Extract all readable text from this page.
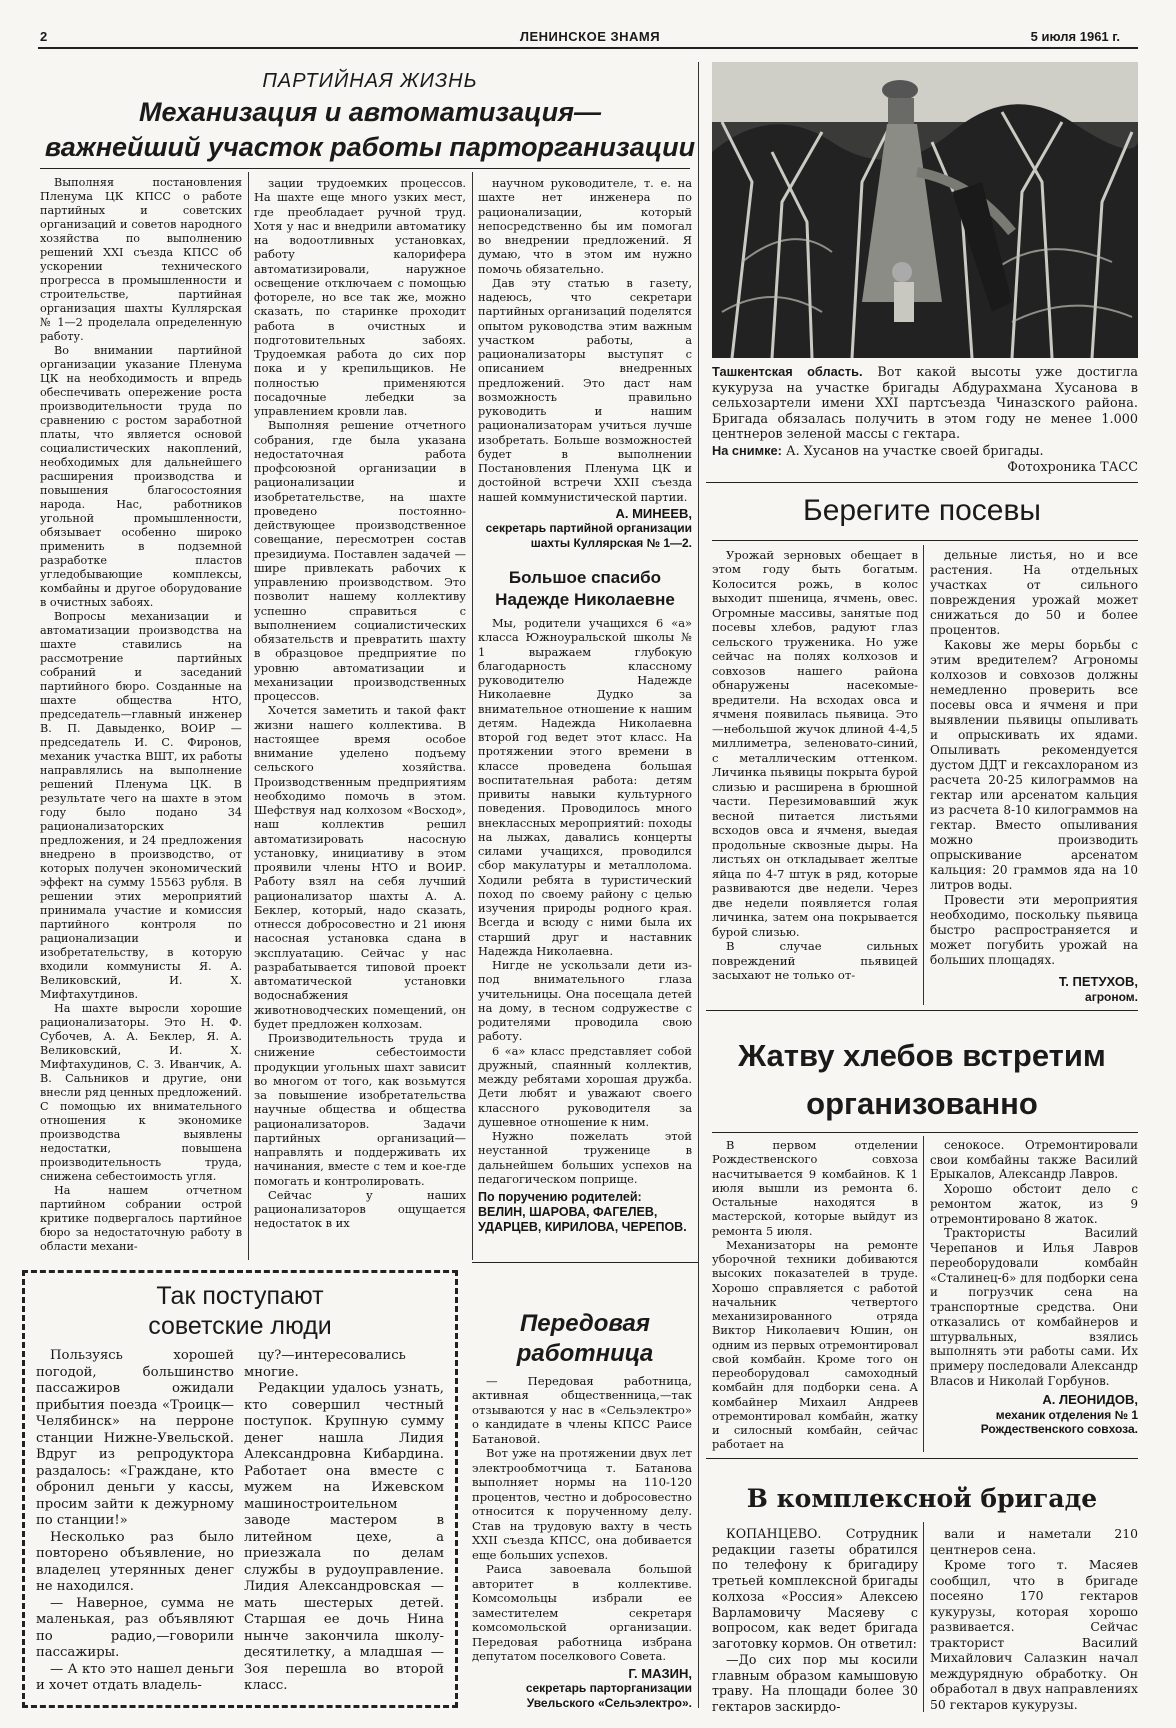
2	ЛЕНИНСКОЕ ЗНАМЯ	5 июля 1961 г.
ПАРТИЙНАЯ ЖИЗНЬ
Механизация и автоматизация—
важнейший участок работы парторганизации

Выполняя постановления Пленума ЦК КПСС о работе партийных и советских организаций и советов народного хозяйства по выполнению решений XXI съезда КПСС об ускорении технического прогресса в промышленности и строительстве, партийная организация шахты Куллярская № 1—2 проделала определенную работу.

Во внимании партийной организации указание Пленума ЦК на необходимость и впредь обеспечивать опережение роста производительности труда по сравнению с ростом заработной платы, что является основой социалистических накоплений, необходимых для дальнейшего расширения производства и повышения благосостояния народа. Нас, работников угольной промышленности, обязывает особенно широко применить в подземной разработке пластов угледобывающие комплексы, комбайны и другое оборудование в очистных забоях.

Вопросы механизации и автоматизации производства на шахте ставились на рассмотрение партийных собраний и заседаний партийного бюро. Созданные на шахте общества НТО, председатель—главный инженер В. П. Давыденко, ВОИР —председатель И. С. Фиронов, механик участка ВШТ, их работы направлялись на выполнение решений Пленума ЦК. В результате чего на шахте в этом году было подано 34 рационализаторских предложения, и 24 предложения внедрено в производство, от которых получен экономический эффект на сумму 15563 рубля. В решении этих мероприятий принимала участие и комиссия партийного контроля по рационализации и изобретательству, в которую входили коммунисты Я. А. Великовский, И. Х. Мифтахутдинов.

На шахте выросли хорошие рационализаторы. Это Н. Ф. Субочев, А. А. Беклер, Я. А. Великовский, И. Х. Мифтахудинов, С. З. Иванчик, А. В. Сальников и другие, они внесли ряд ценных предложений. С помощью их внимательного отношения к экономике производства выявлены недостатки, повышена производительность труда, снижена себестоимость угля.

На нашем отчетном партийном собрании острой критике подвергалось партийное бюро за недостаточную работу в области механи-

зации трудоемких процессов. На шахте еще много узких мест, где преобладает ручной труд. Хотя у нас и внедрили автоматику на водоотливных установках, работу калорифера автоматизировали, наружное освещение отключаем с помощью фотореле, но все так же, можно сказать, по старинке проходит работа в очистных и подготовительных забоях. Трудоемкая работа до сих пор пока и у крепильщиков. Не полностью применяются посадочные лебедки за управлением кровли лав.

Выполняя решение отчетного собрания, где была указана недостаточная работа профсоюзной организации в рационализации и изобретательстве, на шахте проведено постоянно-действующее производственное совещание, пересмотрен состав президиума. Поставлен задачей — шире привлекать рабочих к управлению производством. Это позволит нашему коллективу успешно справиться с выполнением социалистических обязательств и превратить шахту в образцовое предприятие по уровню автоматизации и механизации производственных процессов.

Хочется заметить и такой факт жизни нашего коллектива. В настоящее время особое внимание уделено подъему сельского хозяйства. Производственным предприятиям необходимо помочь в этом. Шефствуя над колхозом «Восход», наш коллектив решил автоматизировать насосную установку, инициативу в этом проявили члены НТО и ВОИР. Работу взял на себя лучший рационализатор шахты А. А. Беклер, который, надо сказать, отнесся добросовестно и 21 июня насосная установка сдана в эксплуатацию. Сейчас у нас разрабатывается типовой проект автоматической установки водоснабжения животноводческих помещений, он будет предложен колхозам.

Производительность труда и снижение себестоимости продукции угольных шахт зависит во многом от того, как возьмутся за повышение изобретательства научные общества и общества рационализаторов. Задачи партийных организаций—направлять и поддерживать их начинания, вместе с тем и кое-где помогать и контролировать.

Сейчас у наших рационализаторов ощущается недостаток в их

научном руководителе, т. е. на шахте нет инженера по рационализации, который непосредственно бы им помогал во внедрении предложений. Я думаю, что в этом им нужно помочь обязательно.

Дав эту статью в газету, надеюсь, что секретари партийных организаций поделятся опытом руководства этим важным участком работы, а рационализаторы выступят с описанием внедренных предложений. Это даст нам возможность правильно руководить и нашим рационализаторам учиться лучше изобретать. Больше возможностей будет в выполнении Постановления Пленума ЦК и достойной встречи XXII съезда нашей коммунистической партии.

А. МИНЕЕВ,
секретарь партийной организации шахты Куллярская № 1—2.
Большое спасибо
Надежде Николаевне

Мы, родители учащихся 6 «а» класса Южноуральской школы № 1 выражаем глубокую благодарность классному руководителю Надежде Николаевне Дудко за внимательное отношение к нашим детям. Надежда Николаевна второй год ведет этот класс. На протяжении этого времени в классе проведена большая воспитательная работа: детям привиты навыки культурного поведения. Проводилось много внеклассных мероприятий: походы на лыжах, давались концерты силами учащихся, проводился сбор макулатуры и металлолома. Ходили ребята в туристический поход по своему району с целью изучения природы родного края. Всегда и всюду с ними была их старший друг и наставник Надежда Николаевна.

Нигде не ускользали дети из-под внимательного глаза учительницы. Она посещала детей на дому, в тесном содружестве с родителями проводила свою работу.

6 «а» класс представляет собой дружный, спаянный коллектив, между ребятами хорошая дружба. Дети любят и уважают своего классного руководителя за душевное отношение к ним.

Нужно пожелать этой неустанной труженице в дальнейшем больших успехов на педагогическом поприще.

По поручению родителей: ВЕЛИН, ШАРОВА, ФАГЕЛЕВ, УДАРЦЕВ, КИРИЛОВА, ЧЕРЕПОВ.
Ташкентская область. Вот какой высоты уже достигла кукуруза на участке бригады Абдурахмана Хусанова в сельхозартели имени XXI партсъезда Чиназского района. Бригада обязалась получить в этом году не менее 1.000 центнеров зеленой массы с гектара.
На снимке: А. Хусанов на участке своей бригады.
Фотохроника ТАСС
Берегите посевы

Урожай зерновых обещает в этом году быть богатым. Колосится рожь, в колос выходит пшеница, ячмень, овес. Огромные массивы, занятые под посевы хлебов, радуют глаз сельского труженика. Но уже сейчас на полях колхозов и совхозов нашего района обнаружены насекомые-вредители. На всходах овса и ячменя появилась пьявица. Это —небольшой жучок длиной 4-4,5 миллиметра, зеленовато-синий, с металлическим оттенком. Личинка пьявицы покрыта бурой слизью и расширена в брюшной части. Перезимовавший жук весной питается листьями всходов овса и ячменя, выедая продольные сквозные дыры. На листьях он откладывает желтые яйца по 4-7 штук в ряд, которые развиваются две недели. Через две недели появляется голая личинка, затем она покрывается бурой слизью.

В случае сильных повреждений пьявицей засыхают не только от-

дельные листья, но и все растения. На отдельных участках от сильного повреждения урожай может снижаться до 50 и более процентов.

Каковы же меры борьбы с этим вредителем? Агрономы колхозов и совхозов должны немедленно проверить все посевы овса и ячменя и при выявлении пьявицы опыливать и опрыскивать их ядами. Опыливать рекомендуется дустом ДДТ и гексахлораном из расчета 20-25 килограммов на гектар или арсенатом кальция из расчета 8-10 килограммов на гектар. Вместо опыливания можно производить опрыскивание арсенатом кальция: 20 граммов яда на 10 литров воды.

Провести эти мероприятия необходимо, поскольку пьявица быстро распространяется и может погубить урожай на больших площадях.

Т. ПЕТУХОВ,
агроном.
Жатву хлебов встретим
организованно

В первом отделении Рождественского совхоза насчитывается 9 комбайнов. К 1 июля вышли из ремонта 6. Остальные находятся в мастерской, которые выйдут из ремонта 5 июля.

Механизаторы на ремонте уборочной техники добиваются высоких показателей в труде. Хорошо справляется с работой начальник четвертого механизированного отряда Виктор Николаевич Юшин, он одним из первых отремонтировал свой комбайн. Кроме того он переоборудовал самоходный комбайн для подборки сена. А комбайнер Михаил Андреев отремонтировал комбайн, жатку и силосный комбайн, сейчас работает на

сенокосе. Отремонтировали свои комбайны также Василий Ерыкалов, Александр Лавров.

Хорошо обстоит дело с ремонтом жаток, из 9 отремонтировано 8 жаток.

Трактористы Василий Черепанов и Илья Лавров переоборудовали комбайн «Сталинец-6» для подборки сена и погрузчик сена на транспортные средства. Они отказались от комбайнеров и штурвальных, взялись выполнять эти работы сами. Их примеру последовали Александр Власов и Николай Горбунов.

А. ЛЕОНИДОВ,
механик отделения № 1 Рождественского совхоза.
В комплексной бригаде

КОПАНЦЕВО. Сотрудник редакции газеты обратился по телефону к бригадиру третьей комплексной бригады колхоза «Россия» Алексею Варламовичу Масяеву с вопросом, как ведет бригада заготовку кормов. Он ответил:

—До сих пор мы косили главным образом камышовую траву. На площади более 30 гектаров заскирдо-

вали и наметали 210 центнеров сена.

Кроме того т. Масяев сообщил, что в бригаде посеяно 170 гектаров кукурузы, которая хорошо развивается. Сейчас тракторист Василий Михайлович Салазкин начал междурядную обработку. Он обработал в двух направлениях 50 гектаров кукурузы.

Так поступают
советские люди

Пользуясь хорошей погодой, большинство пассажиров ожидали прибытия поезда «Троицк—Челябинск» на перроне станции Нижне-Увельской. Вдруг из репродуктора раздалось: «Граждане, кто обронил деньги у кассы, просим зайти к дежурному по станции!»

Несколько раз было повторено объявление, но владелец утерянных денег не находился.

— Наверное, сумма не маленькая, раз объявляют по радио,—говорили пассажиры.

— А кто это нашел деньги и хочет отдать владель-

цу?—интересовались многие.

Редакции удалось узнать, кто совершил честный поступок. Крупную сумму денег нашла Лидия Александровна Кибардина. Работает она вместе с мужем на Ижевском машиностроительном заводе мастером в литейном цехе, а приезжала по делам службы в рудоуправление. Лидия Александровская — мать шестерых детей. Старшая ее дочь Нина нынче закончила школу-десятилетку, а младшая — Зоя перешла во второй класс.

Передовая
работница

— Передовая работница, активная общественница,—так отзываются у нас в «Сельэлектро» о кандидате в члены КПСС Раисе Батановой.

Вот уже на протяжении двух лет электрообмотчица т. Батанова выполняет нормы на 110-120 процентов, честно и добросовестно относится к порученному делу. Став на трудовую вахту в честь XXII съезда КПСС, она добивается еще больших успехов.

Раиса завоевала большой авторитет в коллективе. Комсомольцы избрали ее заместителем секретаря комсомольской организации. Передовая работница избрана депутатом поселкового Совета.

Г. МАЗИН,
секретарь парторганизации Увельского «Сельэлектро».
